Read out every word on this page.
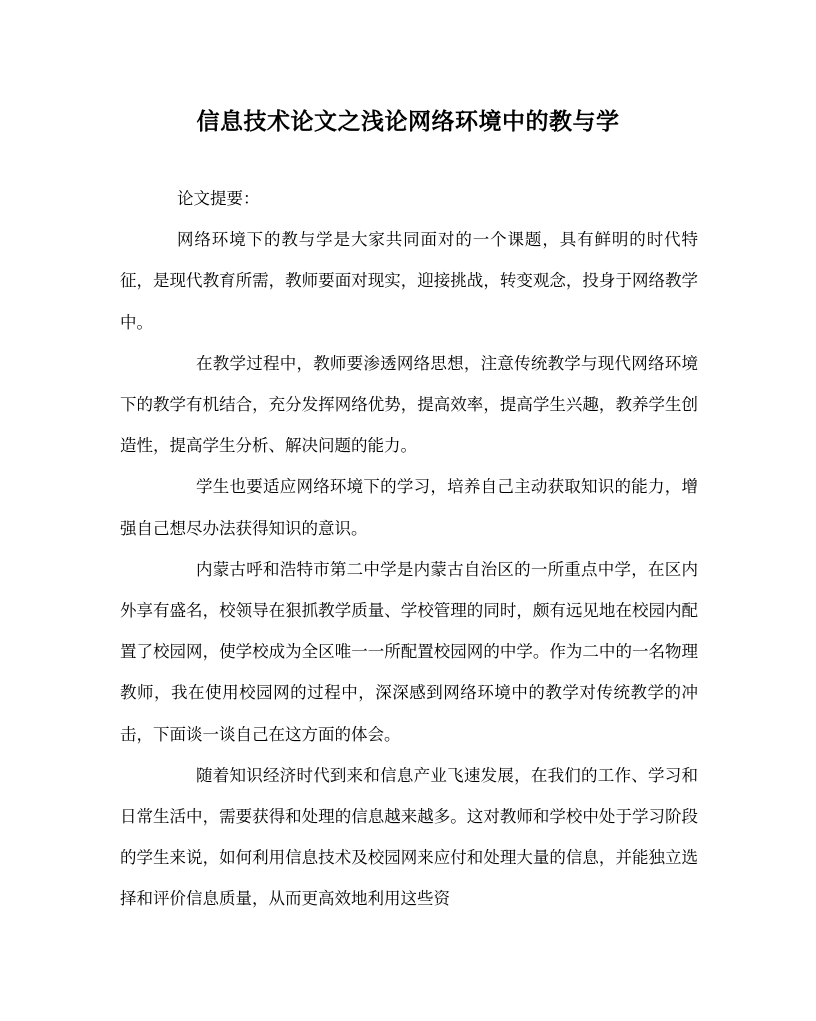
信息技术论文之浅论网络环境中的教与学

论文提要：

网络环境下的教与学是大家共同面对的一个课题，具有鲜明的时代特征，是现代教育所需，教师要面对现实，迎接挑战，转变观念，投身于网络教学中。

在教学过程中，教师要渗透网络思想，注意传统教学与现代网络环境下的教学有机结合，充分发挥网络优势，提高效率，提高学生兴趣，教养学生创造性，提高学生分析、解决问题的能力。

学生也要适应网络环境下的学习，培养自己主动获取知识的能力，增强自己想尽办法获得知识的意识。

内蒙古呼和浩特市第二中学是内蒙古自治区的一所重点中学，在区内外享有盛名，校领导在狠抓教学质量、学校管理的同时，颇有远见地在校园内配置了校园网，使学校成为全区唯一一所配置校园网的中学。作为二中的一名物理教师，我在使用校园网的过程中，深深感到网络环境中的教学对传统教学的冲击，下面谈一谈自己在这方面的体会。

随着知识经济时代到来和信息产业飞速发展，在我们的工作、学习和日常生活中，需要获得和处理的信息越来越多。这对教师和学校中处于学习阶段的学生来说，如何利用信息技术及校园网来应付和处理大量的信息，并能独立选择和评价信息质量，从而更高效地利用这些资
